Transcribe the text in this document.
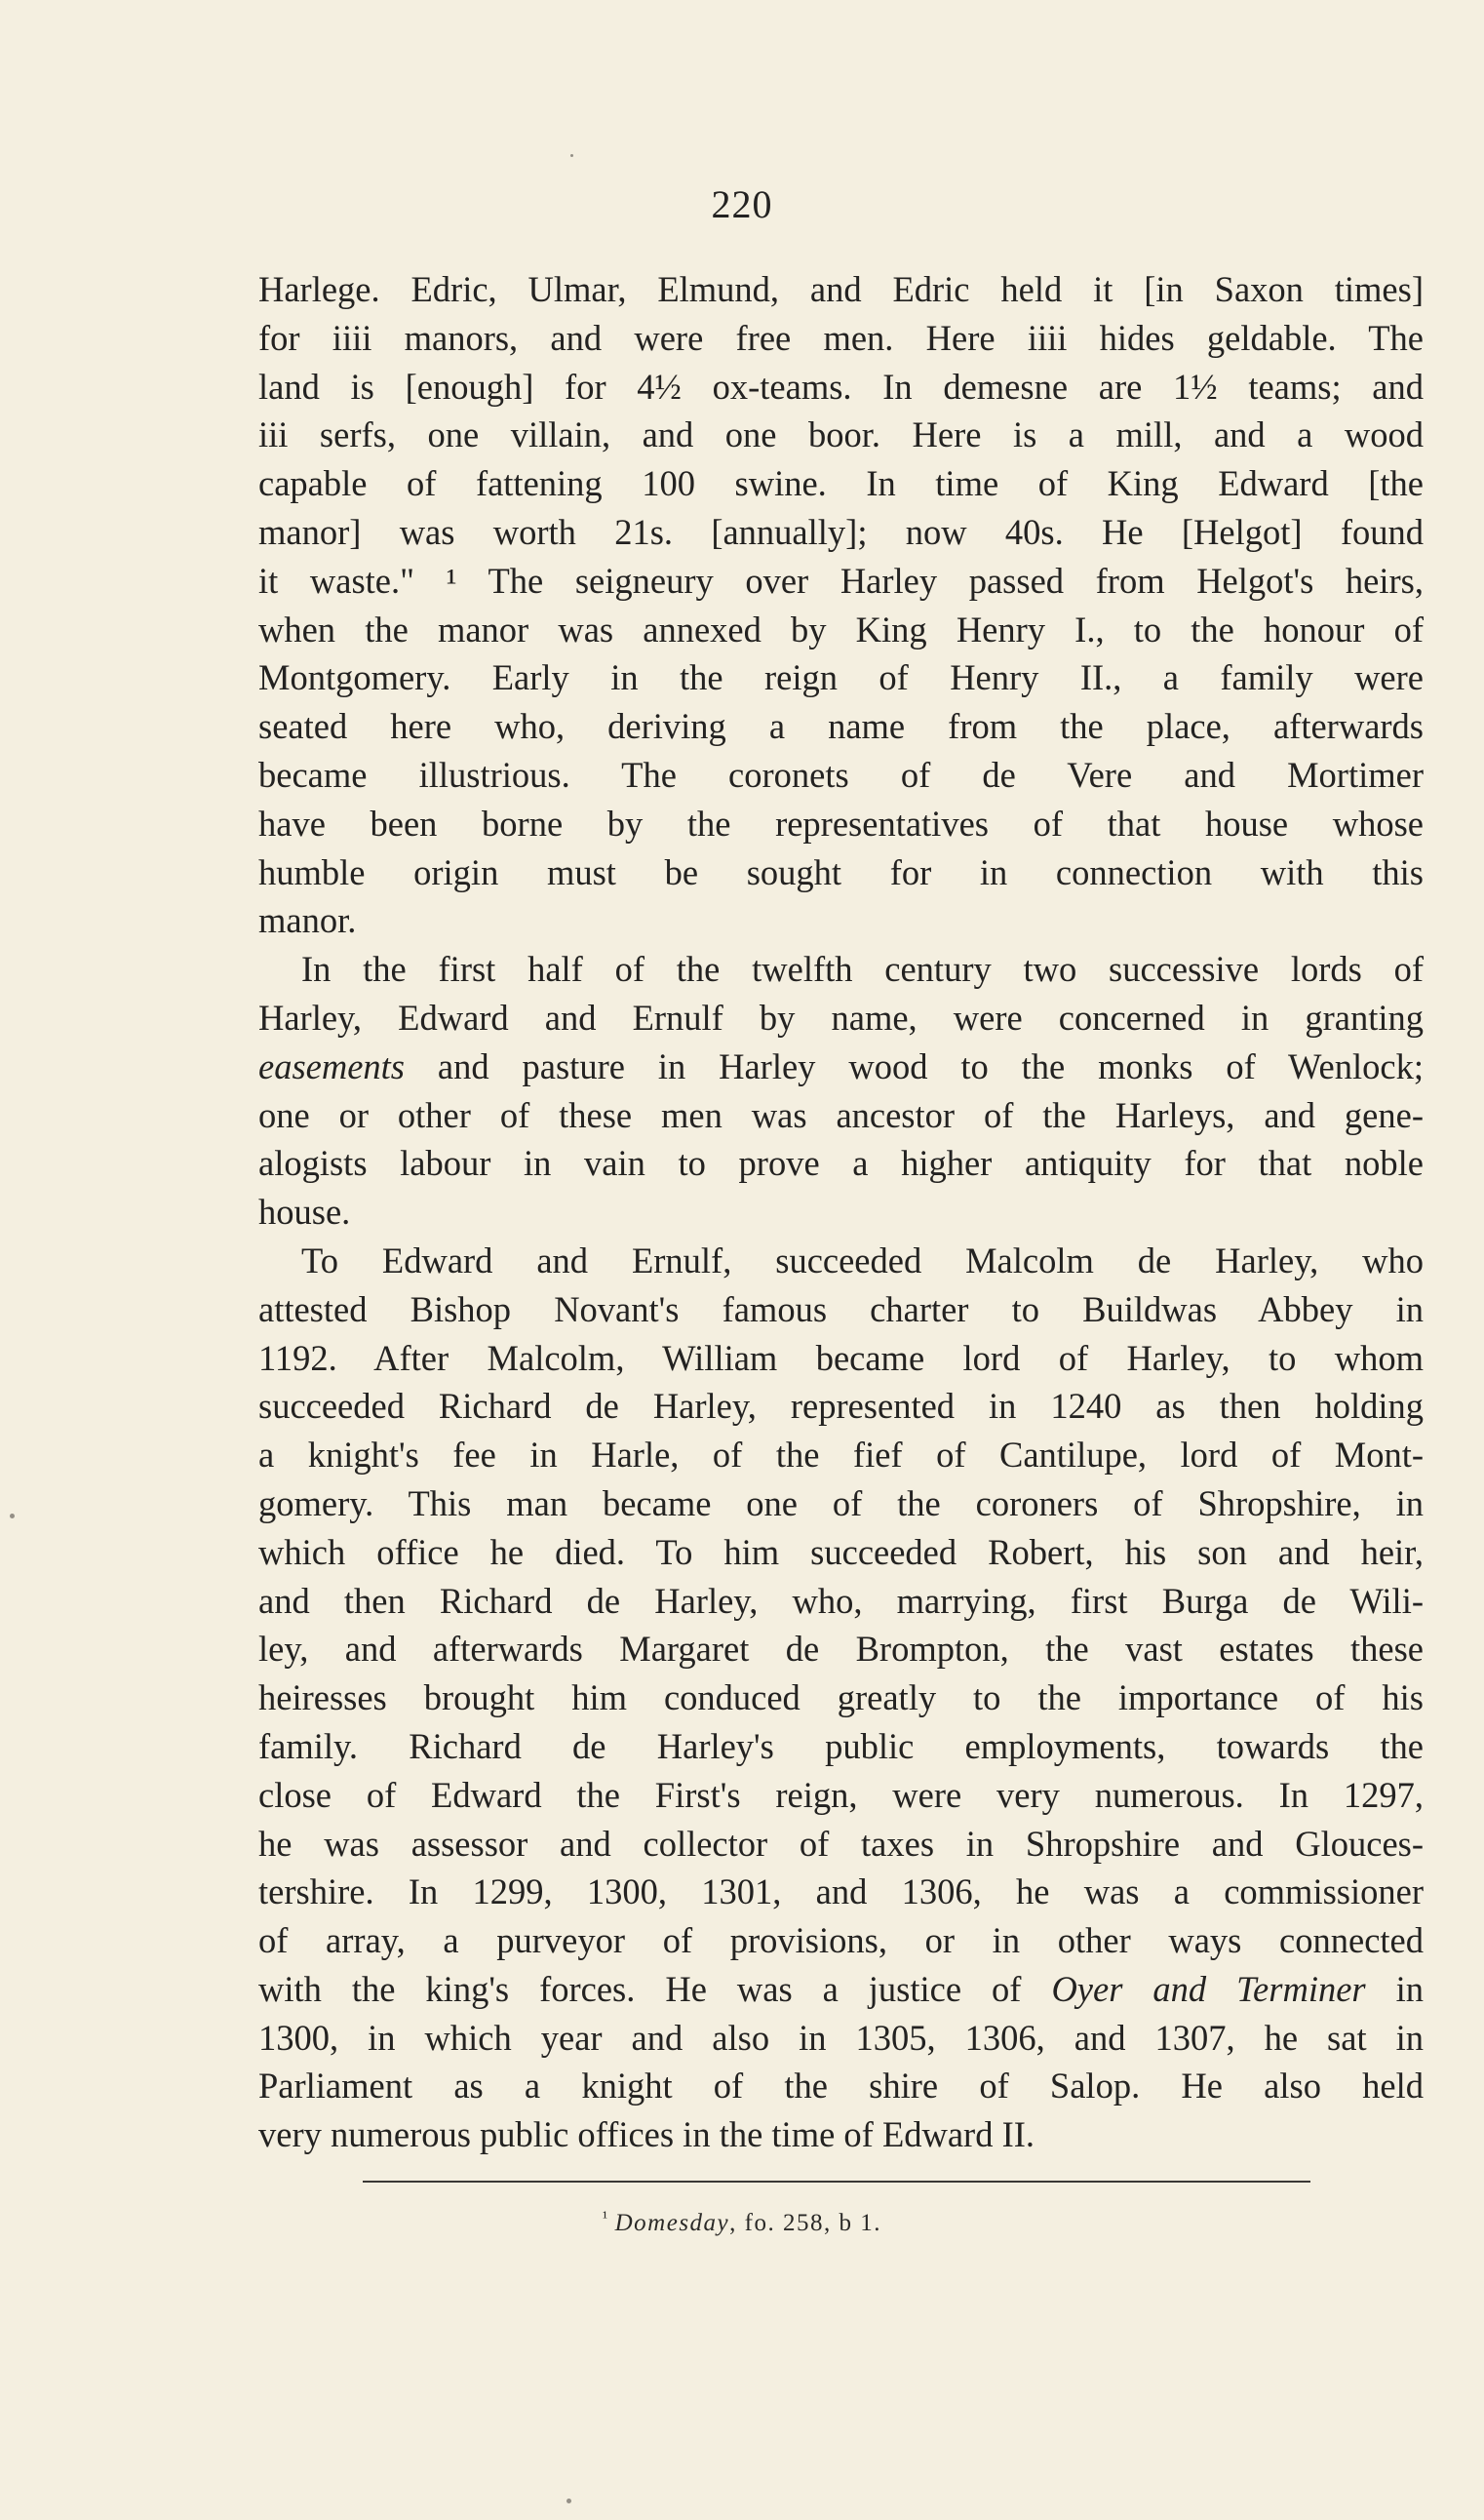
220
Harlege. Edric, Ulmar, Elmund, and Edric held it [in Saxon times]
for iiii manors, and were free men. Here iiii hides geldable. The
land is [enough] for 4½ ox-teams. In demesne are 1½ teams; and
iii serfs, one villain, and one boor. Here is a mill, and a wood
capable of fattening 100 swine. In time of King Edward [the
manor] was worth 21s. [annually]; now 40s. He [Helgot] found
it waste." ¹ The seigneury over Harley passed from Helgot's heirs,
when the manor was annexed by King Henry I., to the honour of
Montgomery. Early in the reign of Henry II., a family were
seated here who, deriving a name from the place, afterwards
became illustrious. The coronets of de Vere and Mortimer
have been borne by the representatives of that house whose
humble origin must be sought for in connection with this
manor.
In the first half of the twelfth century two successive lords of
Harley, Edward and Ernulf by name, were concerned in granting
easements and pasture in Harley wood to the monks of Wenlock;
one or other of these men was ancestor of the Harleys, and gene-
alogists labour in vain to prove a higher antiquity for that noble
house.
To Edward and Ernulf, succeeded Malcolm de Harley, who
attested Bishop Novant's famous charter to Buildwas Abbey in
1192. After Malcolm, William became lord of Harley, to whom
succeeded Richard de Harley, represented in 1240 as then holding
a knight's fee in Harle, of the fief of Cantilupe, lord of Mont-
gomery. This man became one of the coroners of Shropshire, in
which office he died. To him succeeded Robert, his son and heir,
and then Richard de Harley, who, marrying, first Burga de Wili-
ley, and afterwards Margaret de Brompton, the vast estates these
heiresses brought him conduced greatly to the importance of his
family. Richard de Harley's public employments, towards the
close of Edward the First's reign, were very numerous. In 1297,
he was assessor and collector of taxes in Shropshire and Glouces-
tershire. In 1299, 1300, 1301, and 1306, he was a commissioner
of array, a purveyor of provisions, or in other ways connected
with the king's forces. He was a justice of Oyer and Terminer in
1300, in which year and also in 1305, 1306, and 1307, he sat in
Parliament as a knight of the shire of Salop. He also held
very numerous public offices in the time of Edward II.
$^{^1}$ Domesday, fo. 258, b 1.
